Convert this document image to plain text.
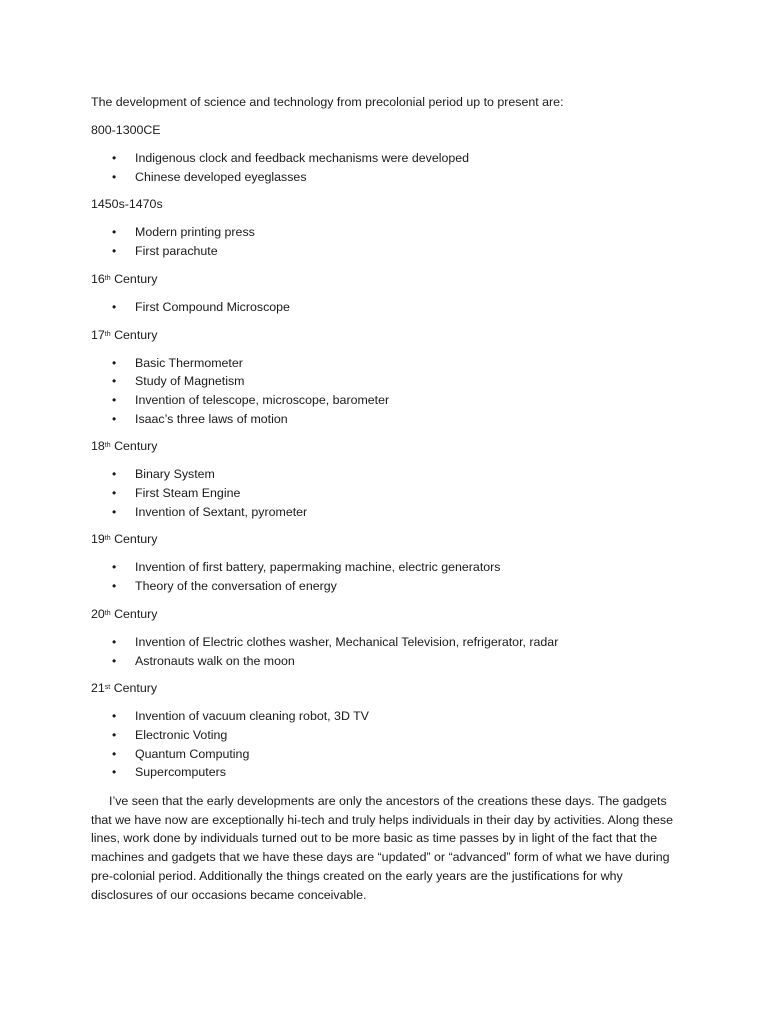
The development of science and technology from precolonial period up to present are:

800-1300CE

• Indigenous clock and feedback mechanisms were developed
• Chinese developed eyeglasses

1450s-1470s

• Modern printing press
• First parachute

16th Century

• First Compound Microscope

17th Century

• Basic Thermometer
• Study of Magnetism
• Invention of telescope, microscope, barometer
• Isaac’s three laws of motion

18th Century

• Binary System
• First Steam Engine
• Invention of Sextant, pyrometer

19th Century

• Invention of first battery, papermaking machine, electric generators
• Theory of the conversation of energy

20th Century

• Invention of Electric clothes washer, Mechanical Television, refrigerator, radar
• Astronauts walk on the moon

21st Century

• Invention of vacuum cleaning robot, 3D TV
• Electronic Voting
• Quantum Computing
• Supercomputers

I’ve seen that the early developments are only the ancestors of the creations these days. The gadgets that we have now are exceptionally hi-tech and truly helps individuals in their day by activities. Along these lines, work done by individuals turned out to be more basic as time passes by in light of the fact that the machines and gadgets that we have these days are “updated” or “advanced” form of what we have during pre-colonial period. Additionally the things created on the early years are the justifications for why disclosures of our occasions became conceivable.
